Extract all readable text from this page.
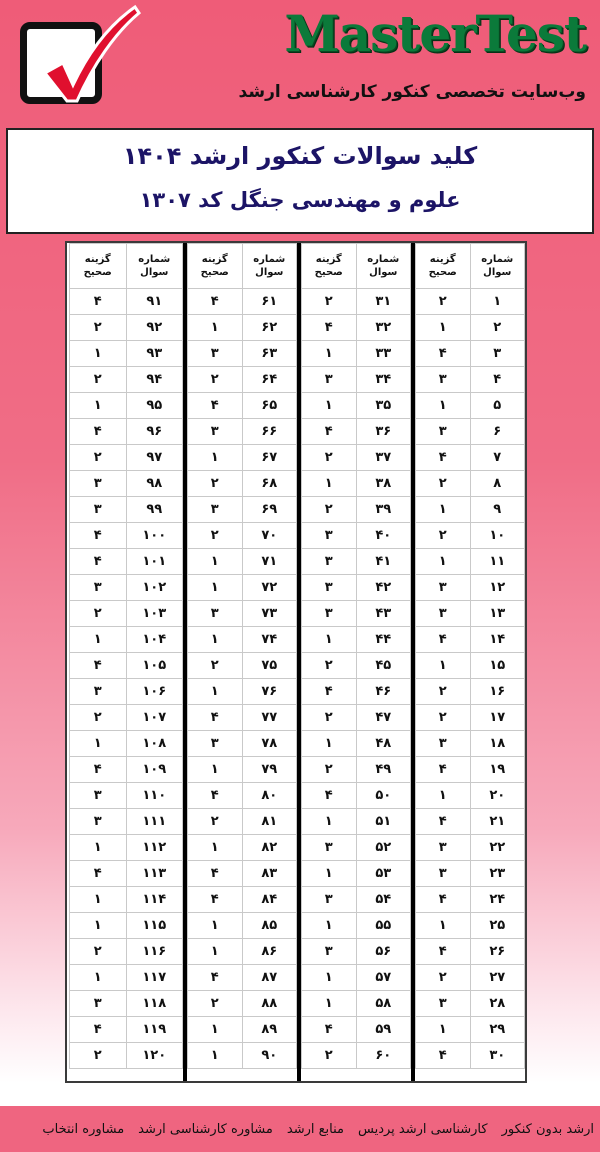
MasterTest
وب‌سایت تخصصی کنکور کارشناسی ارشد
کلید سوالات کنکور ارشد ۱۴۰۴
علوم و مهندسی جنگل کد ۱۳۰۷
شماره سوال	گزینه صحیح
۱	۲
۲	۱
۳	۴
۴	۳
۵	۱
۶	۳
۷	۴
۸	۲
۹	۱
۱۰	۲
۱۱	۱
۱۲	۳
۱۳	۳
۱۴	۴
۱۵	۱
۱۶	۲
۱۷	۲
۱۸	۳
۱۹	۴
۲۰	۱
۲۱	۴
۲۲	۳
۲۳	۳
۲۴	۴
۲۵	۱
۲۶	۴
۲۷	۲
۲۸	۳
۲۹	۱
۳۰	۴
شماره سوال	گزینه صحیح
۳۱	۲
۳۲	۴
۳۳	۱
۳۴	۳
۳۵	۱
۳۶	۴
۳۷	۲
۳۸	۱
۳۹	۲
۴۰	۳
۴۱	۳
۴۲	۳
۴۳	۳
۴۴	۱
۴۵	۲
۴۶	۴
۴۷	۲
۴۸	۱
۴۹	۲
۵۰	۴
۵۱	۱
۵۲	۳
۵۳	۱
۵۴	۳
۵۵	۱
۵۶	۳
۵۷	۱
۵۸	۱
۵۹	۴
۶۰	۲
شماره سوال	گزینه صحیح
۶۱	۴
۶۲	۱
۶۳	۳
۶۴	۲
۶۵	۴
۶۶	۳
۶۷	۱
۶۸	۲
۶۹	۳
۷۰	۲
۷۱	۱
۷۲	۱
۷۳	۳
۷۴	۱
۷۵	۲
۷۶	۱
۷۷	۴
۷۸	۳
۷۹	۱
۸۰	۴
۸۱	۲
۸۲	۱
۸۳	۴
۸۴	۴
۸۵	۱
۸۶	۱
۸۷	۴
۸۸	۲
۸۹	۱
۹۰	۱
شماره سوال	گزینه صحیح
۹۱	۴
۹۲	۲
۹۳	۱
۹۴	۲
۹۵	۱
۹۶	۴
۹۷	۲
۹۸	۳
۹۹	۳
۱۰۰	۴
۱۰۱	۴
۱۰۲	۳
۱۰۳	۲
۱۰۴	۱
۱۰۵	۴
۱۰۶	۳
۱۰۷	۲
۱۰۸	۱
۱۰۹	۴
۱۱۰	۳
۱۱۱	۳
۱۱۲	۱
۱۱۳	۴
۱۱۴	۱
۱۱۵	۱
۱۱۶	۲
۱۱۷	۱
۱۱۸	۳
۱۱۹	۴
۱۲۰	۲
ارشد بدون کنکور
کارشناسی ارشد پردیس
منابع ارشد
مشاوره کارشناسی ارشد
مشاوره انتخاب
